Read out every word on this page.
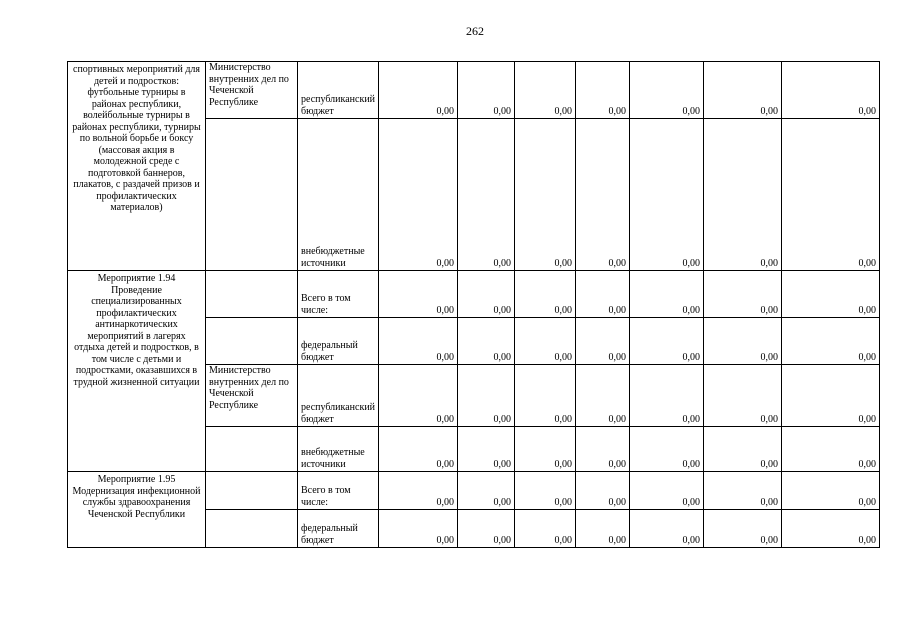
262
спортивных мероприятий для детей и подростков: футбольные турниры в районах республики, волейбольные турниры в районах республики, турниры по вольной борьбе и боксу (массовая акция в молодежной среде с подготовкой баннеров, плакатов, с раздачей призов и профилактических материалов)	Министерство внутренних дел по Чеченской Республике	республиканский бюджет	0,00	0,00	0,00	0,00	0,00	0,00	0,00
		внебюджетные источники	0,00	0,00	0,00	0,00	0,00	0,00	0,00
Мероприятие 1.94 Проведение специализированных профилактических антинаркотических мероприятий в лагерях отдыха детей и подростков, в том числе с детьми и подростками, оказавшихся в трудной жизненной ситуации		Всего в том числе:	0,00	0,00	0,00	0,00	0,00	0,00	0,00
		федеральный бюджет	0,00	0,00	0,00	0,00	0,00	0,00	0,00
	Министерство внутренних дел по Чеченской Республике	республиканский бюджет	0,00	0,00	0,00	0,00	0,00	0,00	0,00
		внебюджетные источники	0,00	0,00	0,00	0,00	0,00	0,00	0,00
Мероприятие 1.95 Модернизация инфекционной службы здравоохранения Чеченской Республики		Всего в том числе:	0,00	0,00	0,00	0,00	0,00	0,00	0,00
		федеральный бюджет	0,00	0,00	0,00	0,00	0,00	0,00	0,00
